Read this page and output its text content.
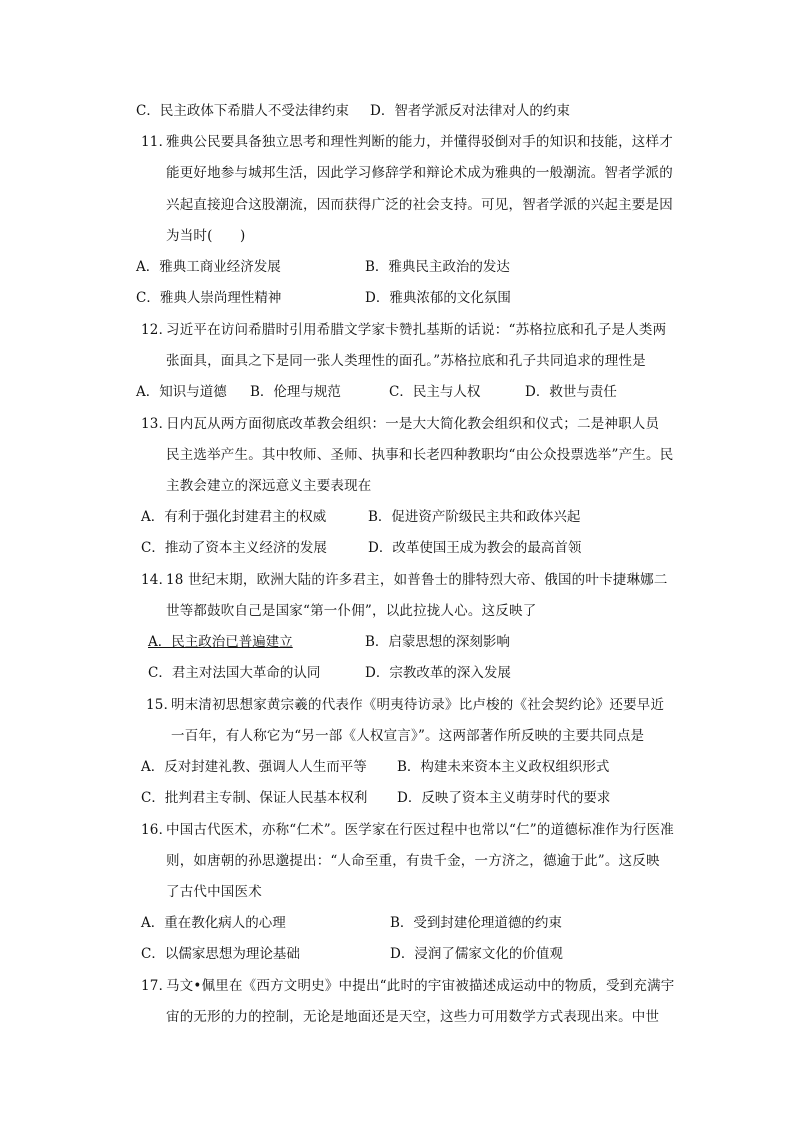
C．民主政体下希腊人不受法律约束 D．智者学派反对法律对人的约束
11．
雅典公民要具备独立思考和理性判断的能力，并懂得驳倒对手的知识和技能，这样才
能更好地参与城邦生活，因此学习修辞学和辩论术成为雅典的一般潮流。智者学派的
兴起直接迎合这股潮流，因而获得广泛的社会支持。可见，智者学派的兴起主要是因
为当时(　　)
A．雅典工商业经济发展	B．雅典民主政治的发达
C．雅典人崇尚理性精神	D．雅典浓郁的文化氛围
12．
习近平在访问希腊时引用希腊文学家卡赞扎基斯的话说：“苏格拉底和孔子是人类两
张面具，面具之下是同一张人类理性的面孔。”苏格拉底和孔子共同追求的理性是
A．知识与道德 B．伦理与规范	C．民主与人权	D．救世与责任
13．
日内瓦从两方面彻底改革教会组织：一是大大简化教会组织和仪式；二是神职人员
民主选举产生。其中牧师、圣师、执事和长老四种教职均“由公众投票选举”产生。民
主教会建立的深远意义主要表现在
A．有利于强化封建君主的权威	B．促进资产阶级民主共和政体兴起
C．推动了资本主义经济的发展	D．改革使国王成为教会的最高首领
14．
18 世纪末期，欧洲大陆的许多君主，如普鲁士的腓特烈大帝、俄国的叶卡捷琳娜二
世等都鼓吹自己是国家“第一仆佣”，以此拉拢人心。这反映了
A．民主政治已普遍建立	B．启蒙思想的深刻影响
C．君主对法国大革命的认同	D．宗教改革的深入发展
15．
明末清初思想家黄宗羲的代表作《明夷待访录》比卢梭的《社会契约论》还要早近
一百年，有人称它为“另一部《人权宣言》”。这两部著作所反映的主要共同点是
A．反对封建礼教、强调人人生而平等 B．构建未来资本主义政权组织形式
C．批判君主专制、保证人民基本权利 D．反映了资本主义萌芽时代的要求
16．
中国古代医术，亦称“仁术”。医学家在行医过程中也常以“仁”的道德标准作为行医准
则，如唐朝的孙思邈提出：“人命至重，有贵千金，一方济之，德逾于此”。这反映
了古代中国医术
A．重在教化病人的心理	B．受到封建伦理道德的约束
C．以儒家思想为理论基础	D．浸润了儒家文化的价值观
17．
马文•佩里在《西方文明史》中提出“此时的宇宙被描述成运动中的物质，受到充满宇
宙的无形的力的控制，无论是地面还是天空，这些力可用数学方式表现出来。中世
